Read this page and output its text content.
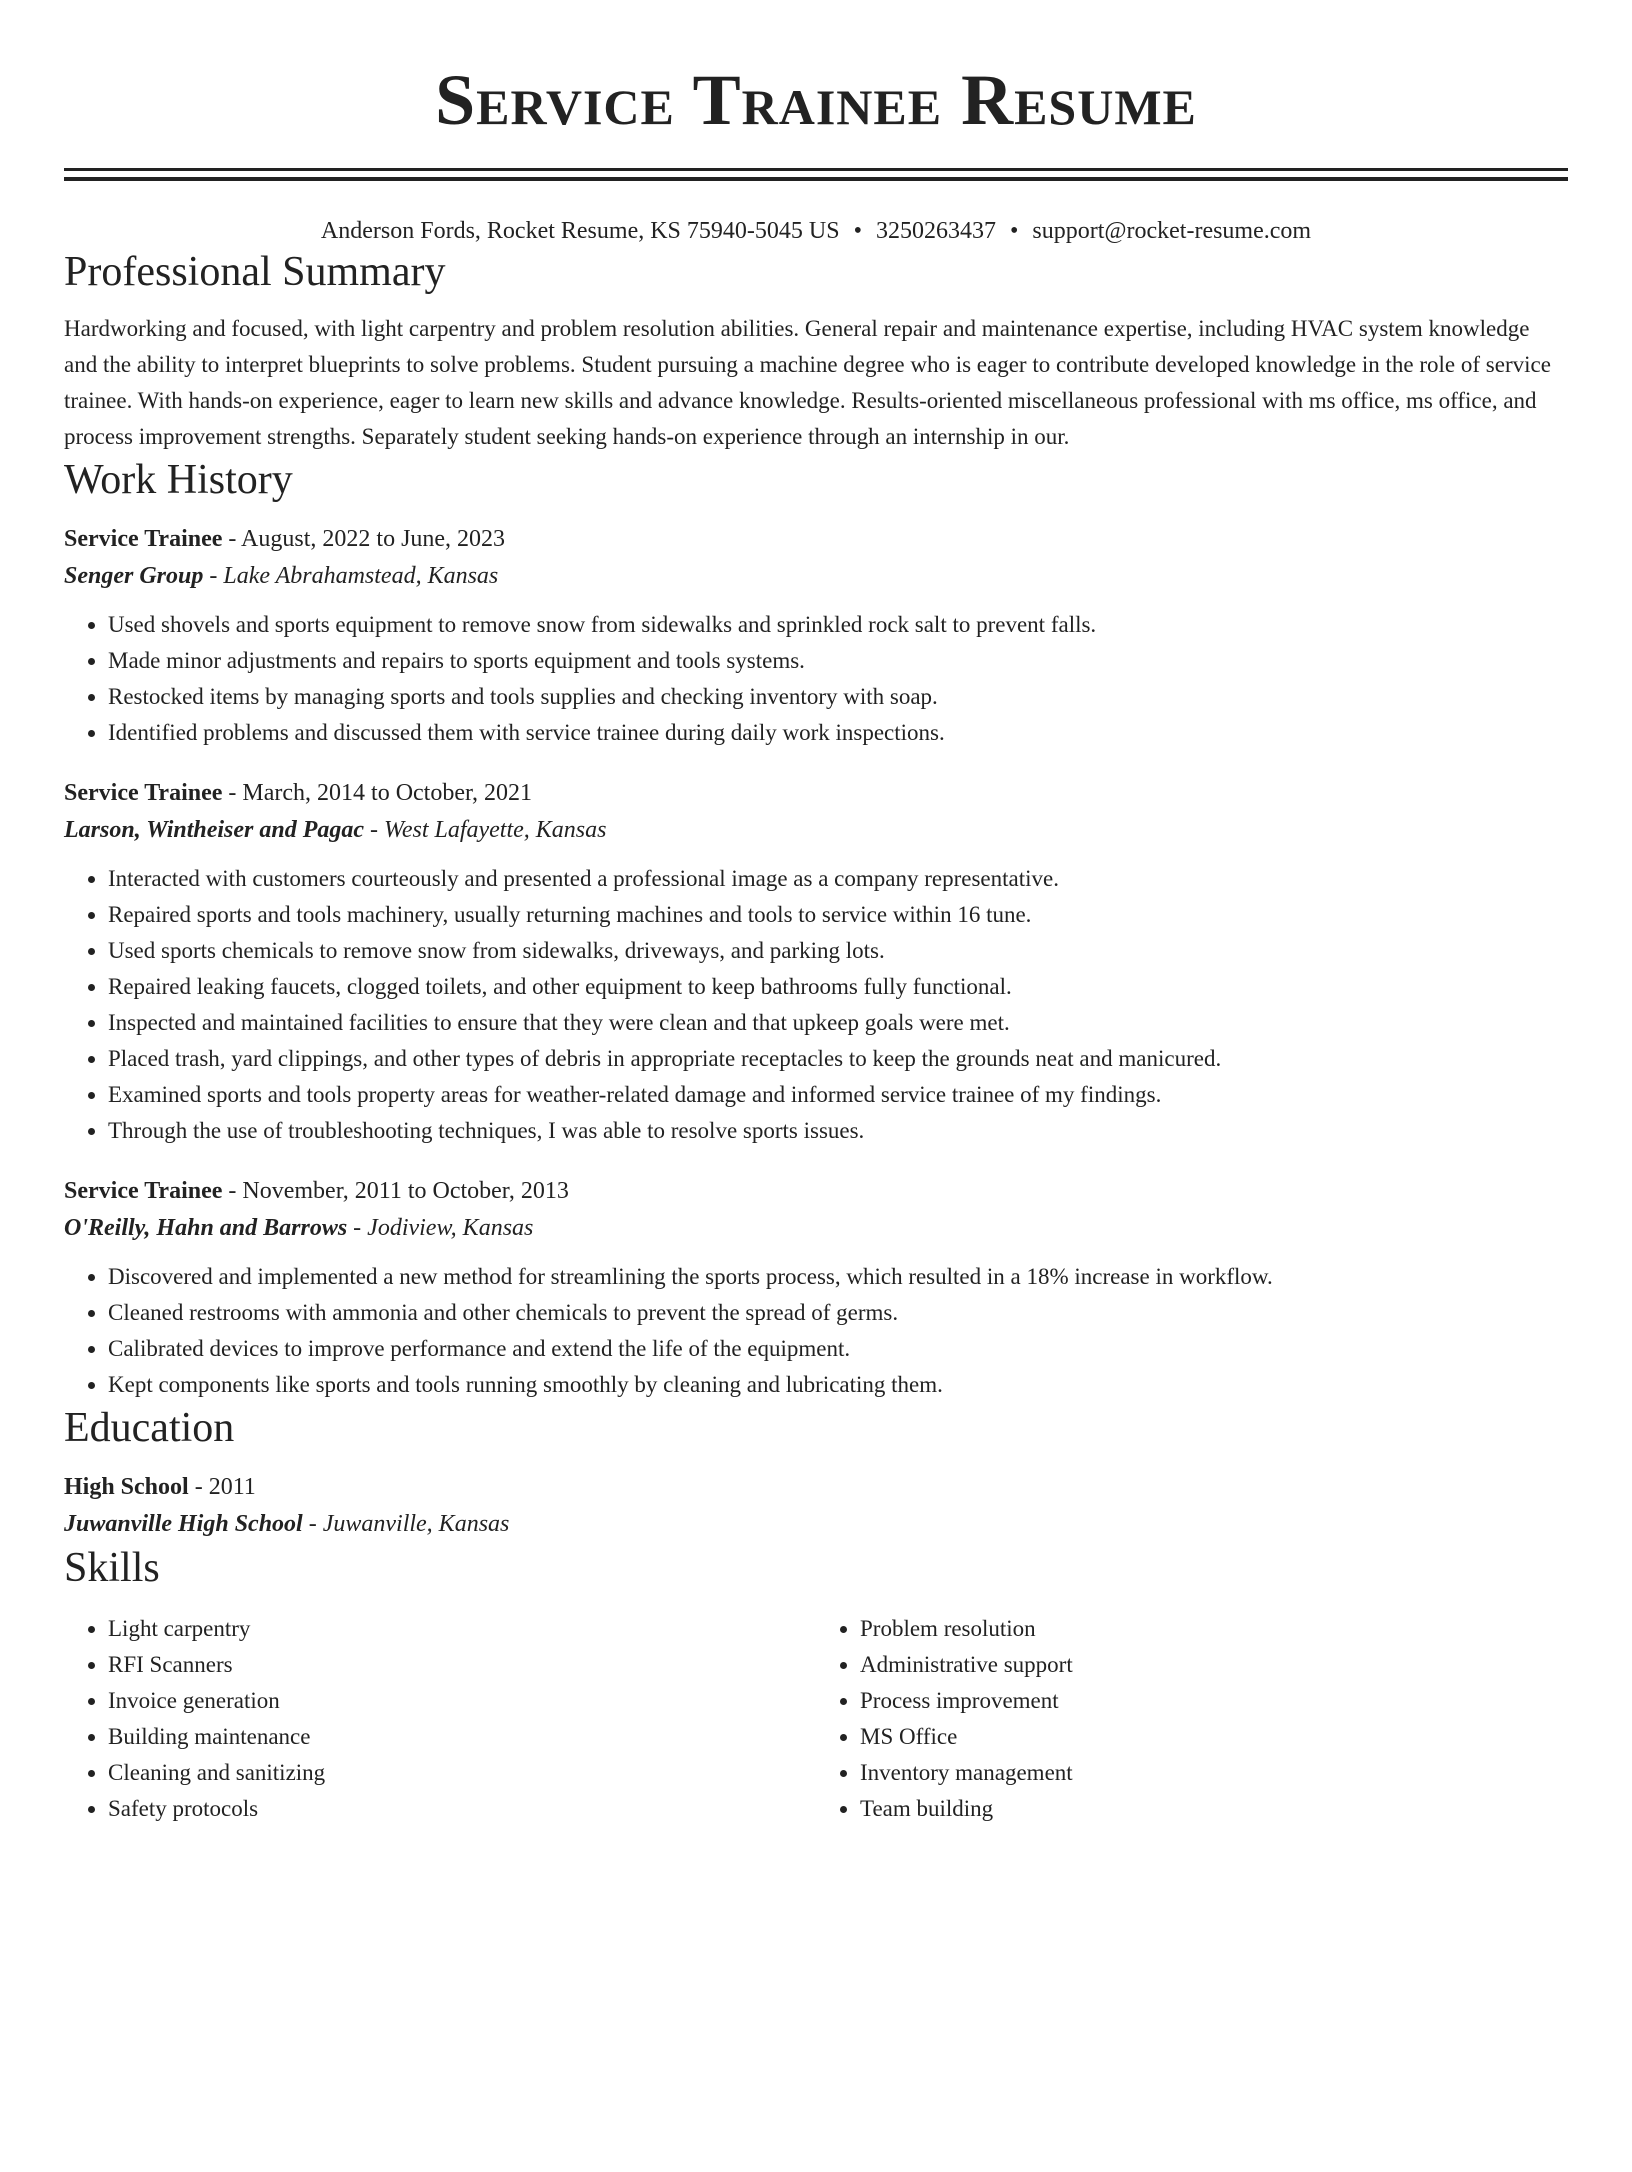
Service Trainee Resume
Anderson Fords, Rocket Resume, KS 75940-5045 US • 3250263437 • support@rocket-resume.com
Professional Summary
Hardworking and focused, with light carpentry and problem resolution abilities. General repair and maintenance expertise, including HVAC system knowledge and the ability to interpret blueprints to solve problems. Student pursuing a machine degree who is eager to contribute developed knowledge in the role of service trainee. With hands-on experience, eager to learn new skills and advance knowledge. Results-oriented miscellaneous professional with ms office, ms office, and process improvement strengths. Separately student seeking hands-on experience through an internship in our.
Work History
Service Trainee - August, 2022 to June, 2023
Senger Group - Lake Abrahamstead, Kansas
• Used shovels and sports equipment to remove snow from sidewalks and sprinkled rock salt to prevent falls.
• Made minor adjustments and repairs to sports equipment and tools systems.
• Restocked items by managing sports and tools supplies and checking inventory with soap.
• Identified problems and discussed them with service trainee during daily work inspections.
Service Trainee - March, 2014 to October, 2021
Larson, Wintheiser and Pagac - West Lafayette, Kansas
• Interacted with customers courteously and presented a professional image as a company representative.
• Repaired sports and tools machinery, usually returning machines and tools to service within 16 tune.
• Used sports chemicals to remove snow from sidewalks, driveways, and parking lots.
• Repaired leaking faucets, clogged toilets, and other equipment to keep bathrooms fully functional.
• Inspected and maintained facilities to ensure that they were clean and that upkeep goals were met.
• Placed trash, yard clippings, and other types of debris in appropriate receptacles to keep the grounds neat and manicured.
• Examined sports and tools property areas for weather-related damage and informed service trainee of my findings.
• Through the use of troubleshooting techniques, I was able to resolve sports issues.
Service Trainee - November, 2011 to October, 2013
O'Reilly, Hahn and Barrows - Jodiview, Kansas
• Discovered and implemented a new method for streamlining the sports process, which resulted in a 18% increase in workflow.
• Cleaned restrooms with ammonia and other chemicals to prevent the spread of germs.
• Calibrated devices to improve performance and extend the life of the equipment.
• Kept components like sports and tools running smoothly by cleaning and lubricating them.
Education
High School - 2011
Juwanville High School - Juwanville, Kansas
Skills
• Light carpentry
• RFI Scanners
• Invoice generation
• Building maintenance
• Cleaning and sanitizing
• Safety protocols
• Problem resolution
• Administrative support
• Process improvement
• MS Office
• Inventory management
• Team building
